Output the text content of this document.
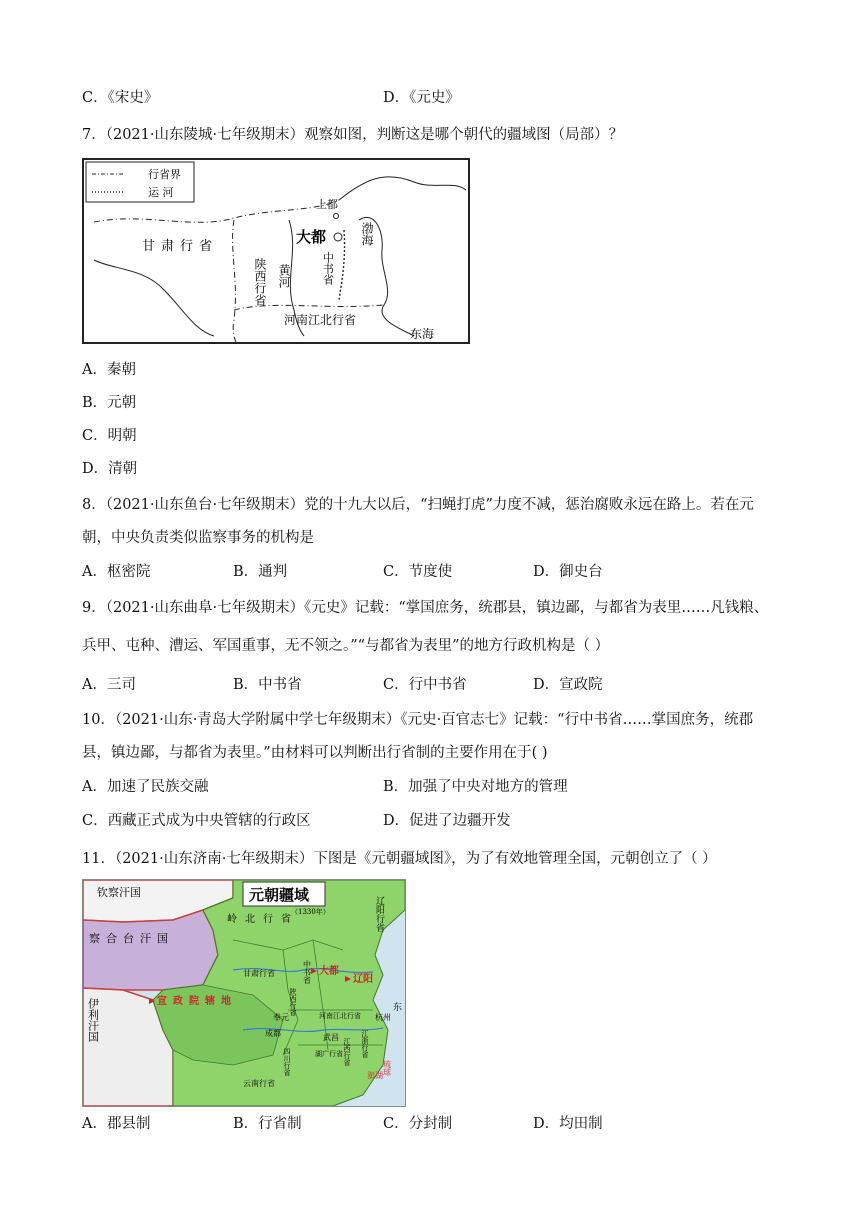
C．《宋史》	D．《元史》
7．（2021·山东陵城·七年级期末）观察如图，判断这是哪个朝代的疆域图（局部）？
行省界
运 河
上都
大都	渤海
中书省
甘肃行省
陕西行省 黄河
河南江北行省
东海
A．秦朝
B．元朝
C．明朝
D．清朝
8．（2021·山东鱼台·七年级期末）党的十九大以后，“扫蝇打虎”力度不减，惩治腐败永远在路上。若在元
朝，中央负责类似监察事务的机构是
A．枢密院	B．通判	C．节度使	D．御史台
9．（2021·山东曲阜·七年级期末）《元史》记载：“掌国庶务，统郡县，镇边鄙，与都省为表里……凡钱粮、
兵甲、屯种、漕运、军国重事，无不领之。”“与都省为表里”的地方行政机构是（ ）
A．三司	B．中书省	C．行中书省	D．宣政院
10．（2021·山东·青岛大学附属中学七年级期末）《元史·百官志七》记载：“行中书省……掌国庶务，统郡
县，镇边鄙，与都省为表里。”由材料可以判断出行省制的主要作用在于( )
A．加速了民族交融	B．加强了中央对地方的管理
C．西藏正式成为中央管辖的行政区	D．促进了边疆开发
11．（2021·山东济南·七年级期末）下图是《元朝疆域图》，为了有效地管理全国，元朝创立了（ ）
元朝疆域
（1330年）
钦察汗国
察合台汗国
伊利汗国
岭北行省	辽阳行省
大都
辽阳
中书省
甘肃行省
陕西行省
宣政院辖地
奉元
成都
河南江北行省 杭州
武昌
四川行省	湖广行省 江西行省 江浙行省
云南行省
琉球
澎湖
东
A．郡县制	B．行省制	C．分封制	D．均田制
